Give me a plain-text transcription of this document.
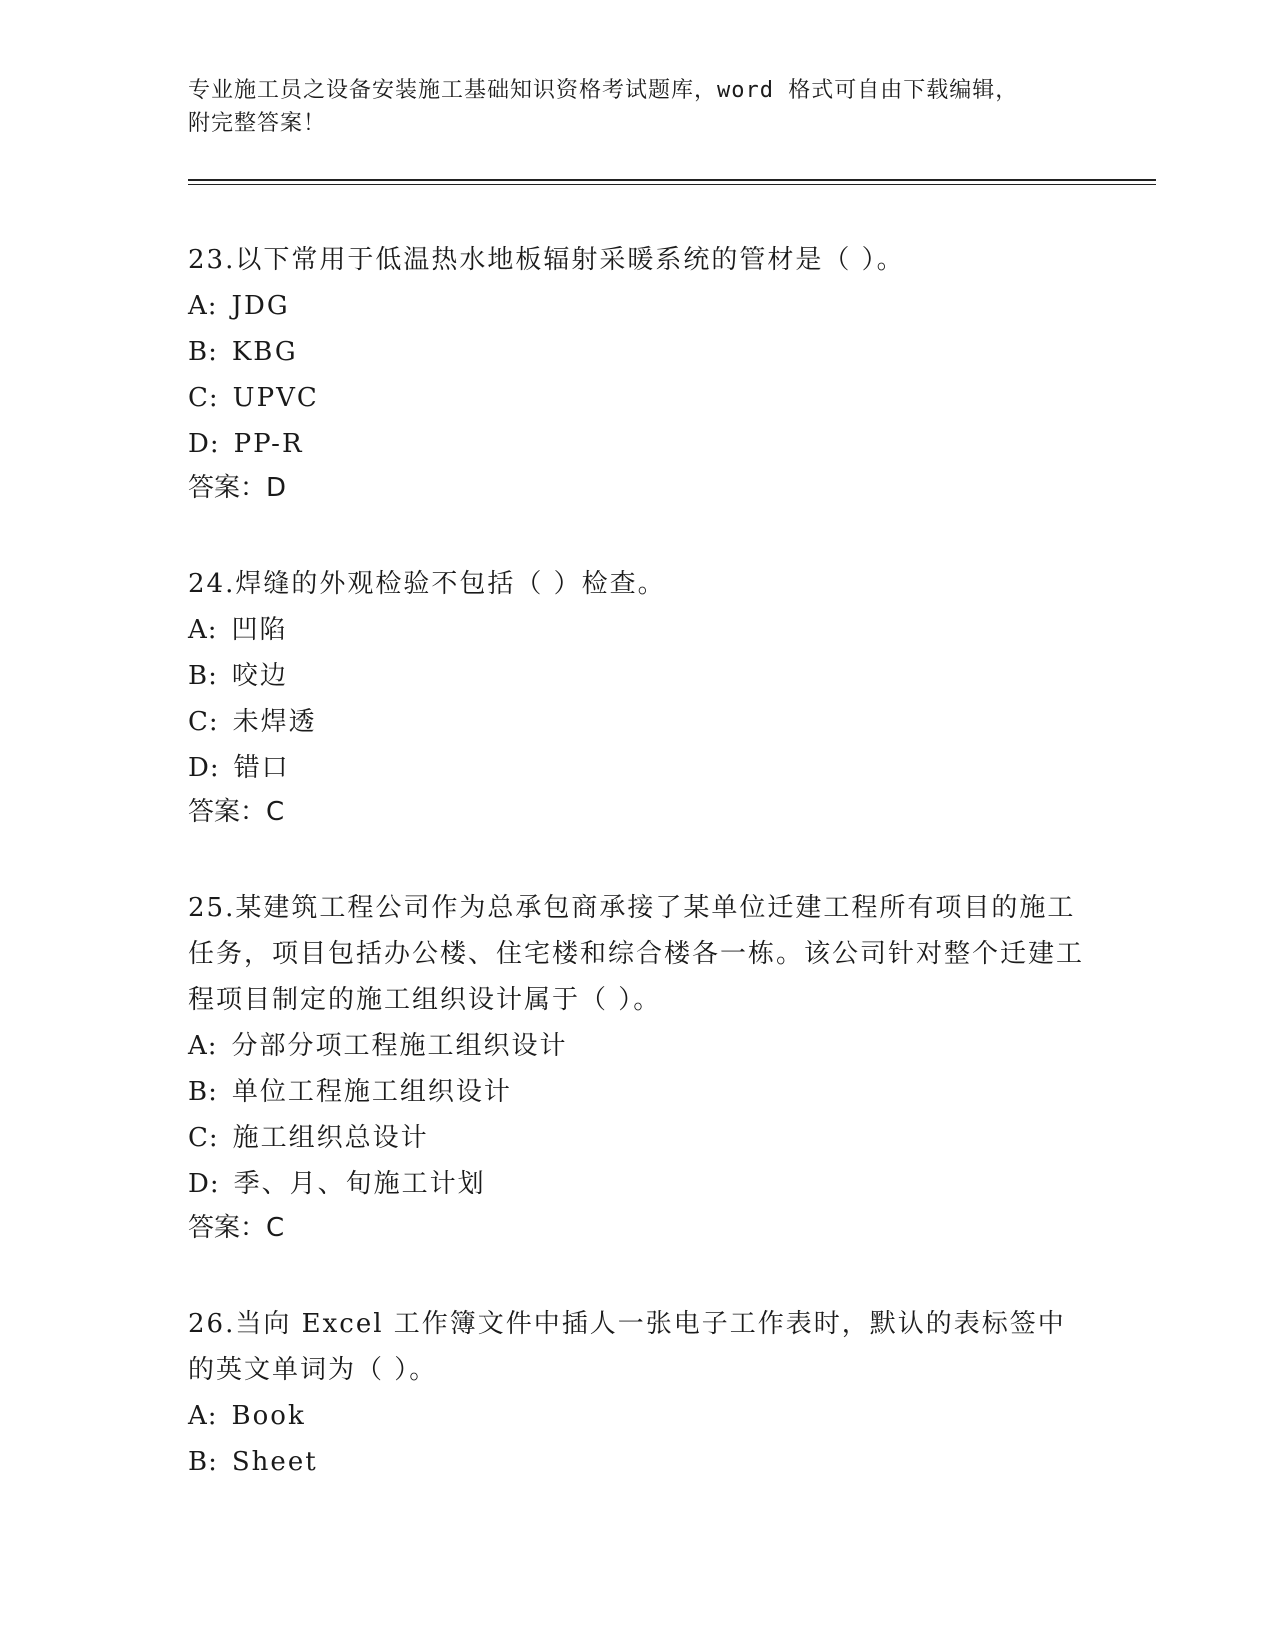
专业施工员之设备安装施工基础知识资格考试题库，word 格式可自由下载编辑，
附完整答案！

23.以下常用于低温热水地板辐射采暖系统的管材是（ ）。

A: JDG

B: KBG

C: UPVC

D: PP-R

答案：D

24.焊缝的外观检验不包括（ ）检查。

A: 凹陷

B: 咬边

C: 未焊透

D: 错口

答案：C

25.某建筑工程公司作为总承包商承接了某单位迁建工程所有项目的施工任务，项目包括办公楼、住宅楼和综合楼各一栋。该公司针对整个迁建工程项目制定的施工组织设计属于（ ）。

A: 分部分项工程施工组织设计

B: 单位工程施工组织设计

C: 施工组织总设计

D: 季、月、旬施工计划

答案：C

26.当向 Excel 工作簿文件中插人一张电子工作表时，默认的表标签中的英文单词为（ ）。

A: Book

B: Sheet
